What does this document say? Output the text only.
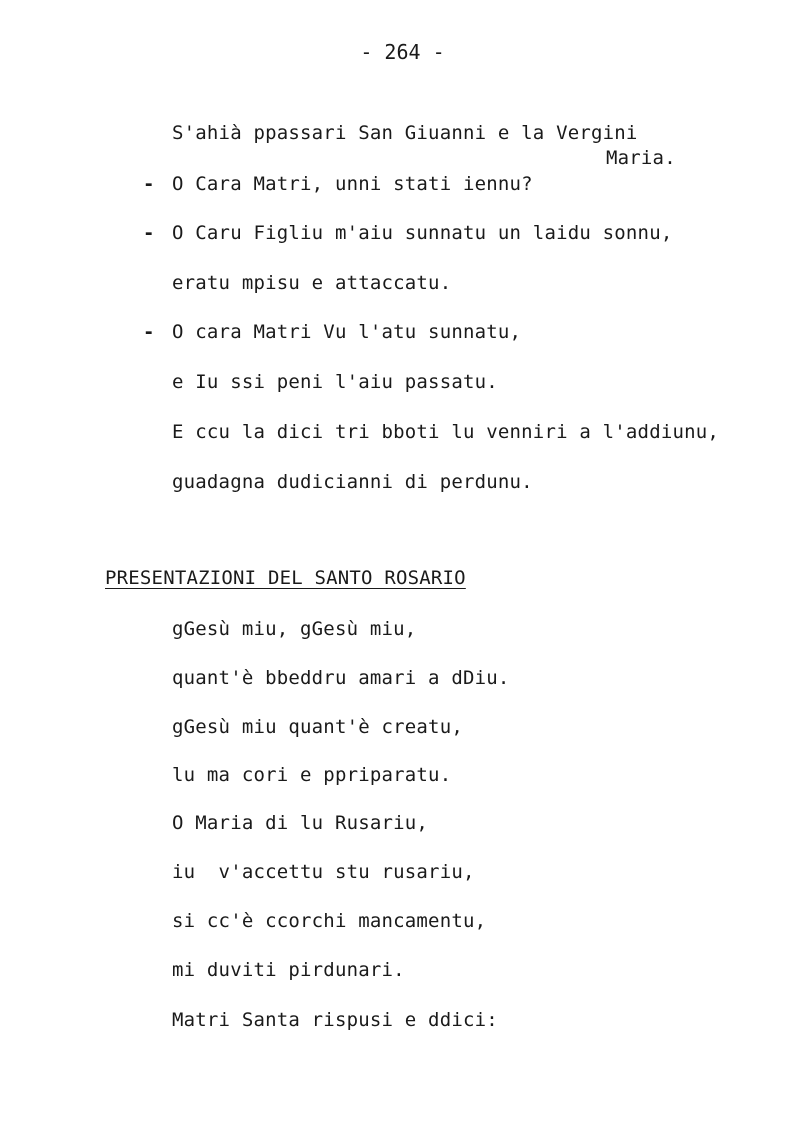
- 264 -
S'ahià ppassari San Giuanni e la Vergini
Maria.
- O Cara Matri, unni stati iennu?
- O Caru Figliu m'aiu sunnatu un laidu sonnu,
eratu mpisu e attaccatu.
- O cara Matri Vu l'atu sunnatu,
e Iu ssi peni l'aiu passatu.
E ccu la dici tri bboti lu venniri a l'addiunu,
guadagna dudicianni di perdunu.
PRESENTAZIONI DEL SANTO ROSARIO
gGesù miu, gGesù miu,
quant'è bbeddru amari a dDiu.
gGesù miu quant'è creatu,
lu ma cori e ppriparatu.
O Maria di lu Rusariu,
iu  v'accettu stu rusariu,
si cc'è ccorchi mancamentu,
mi duviti pirdunari.
Matri Santa rispusi e ddici:
